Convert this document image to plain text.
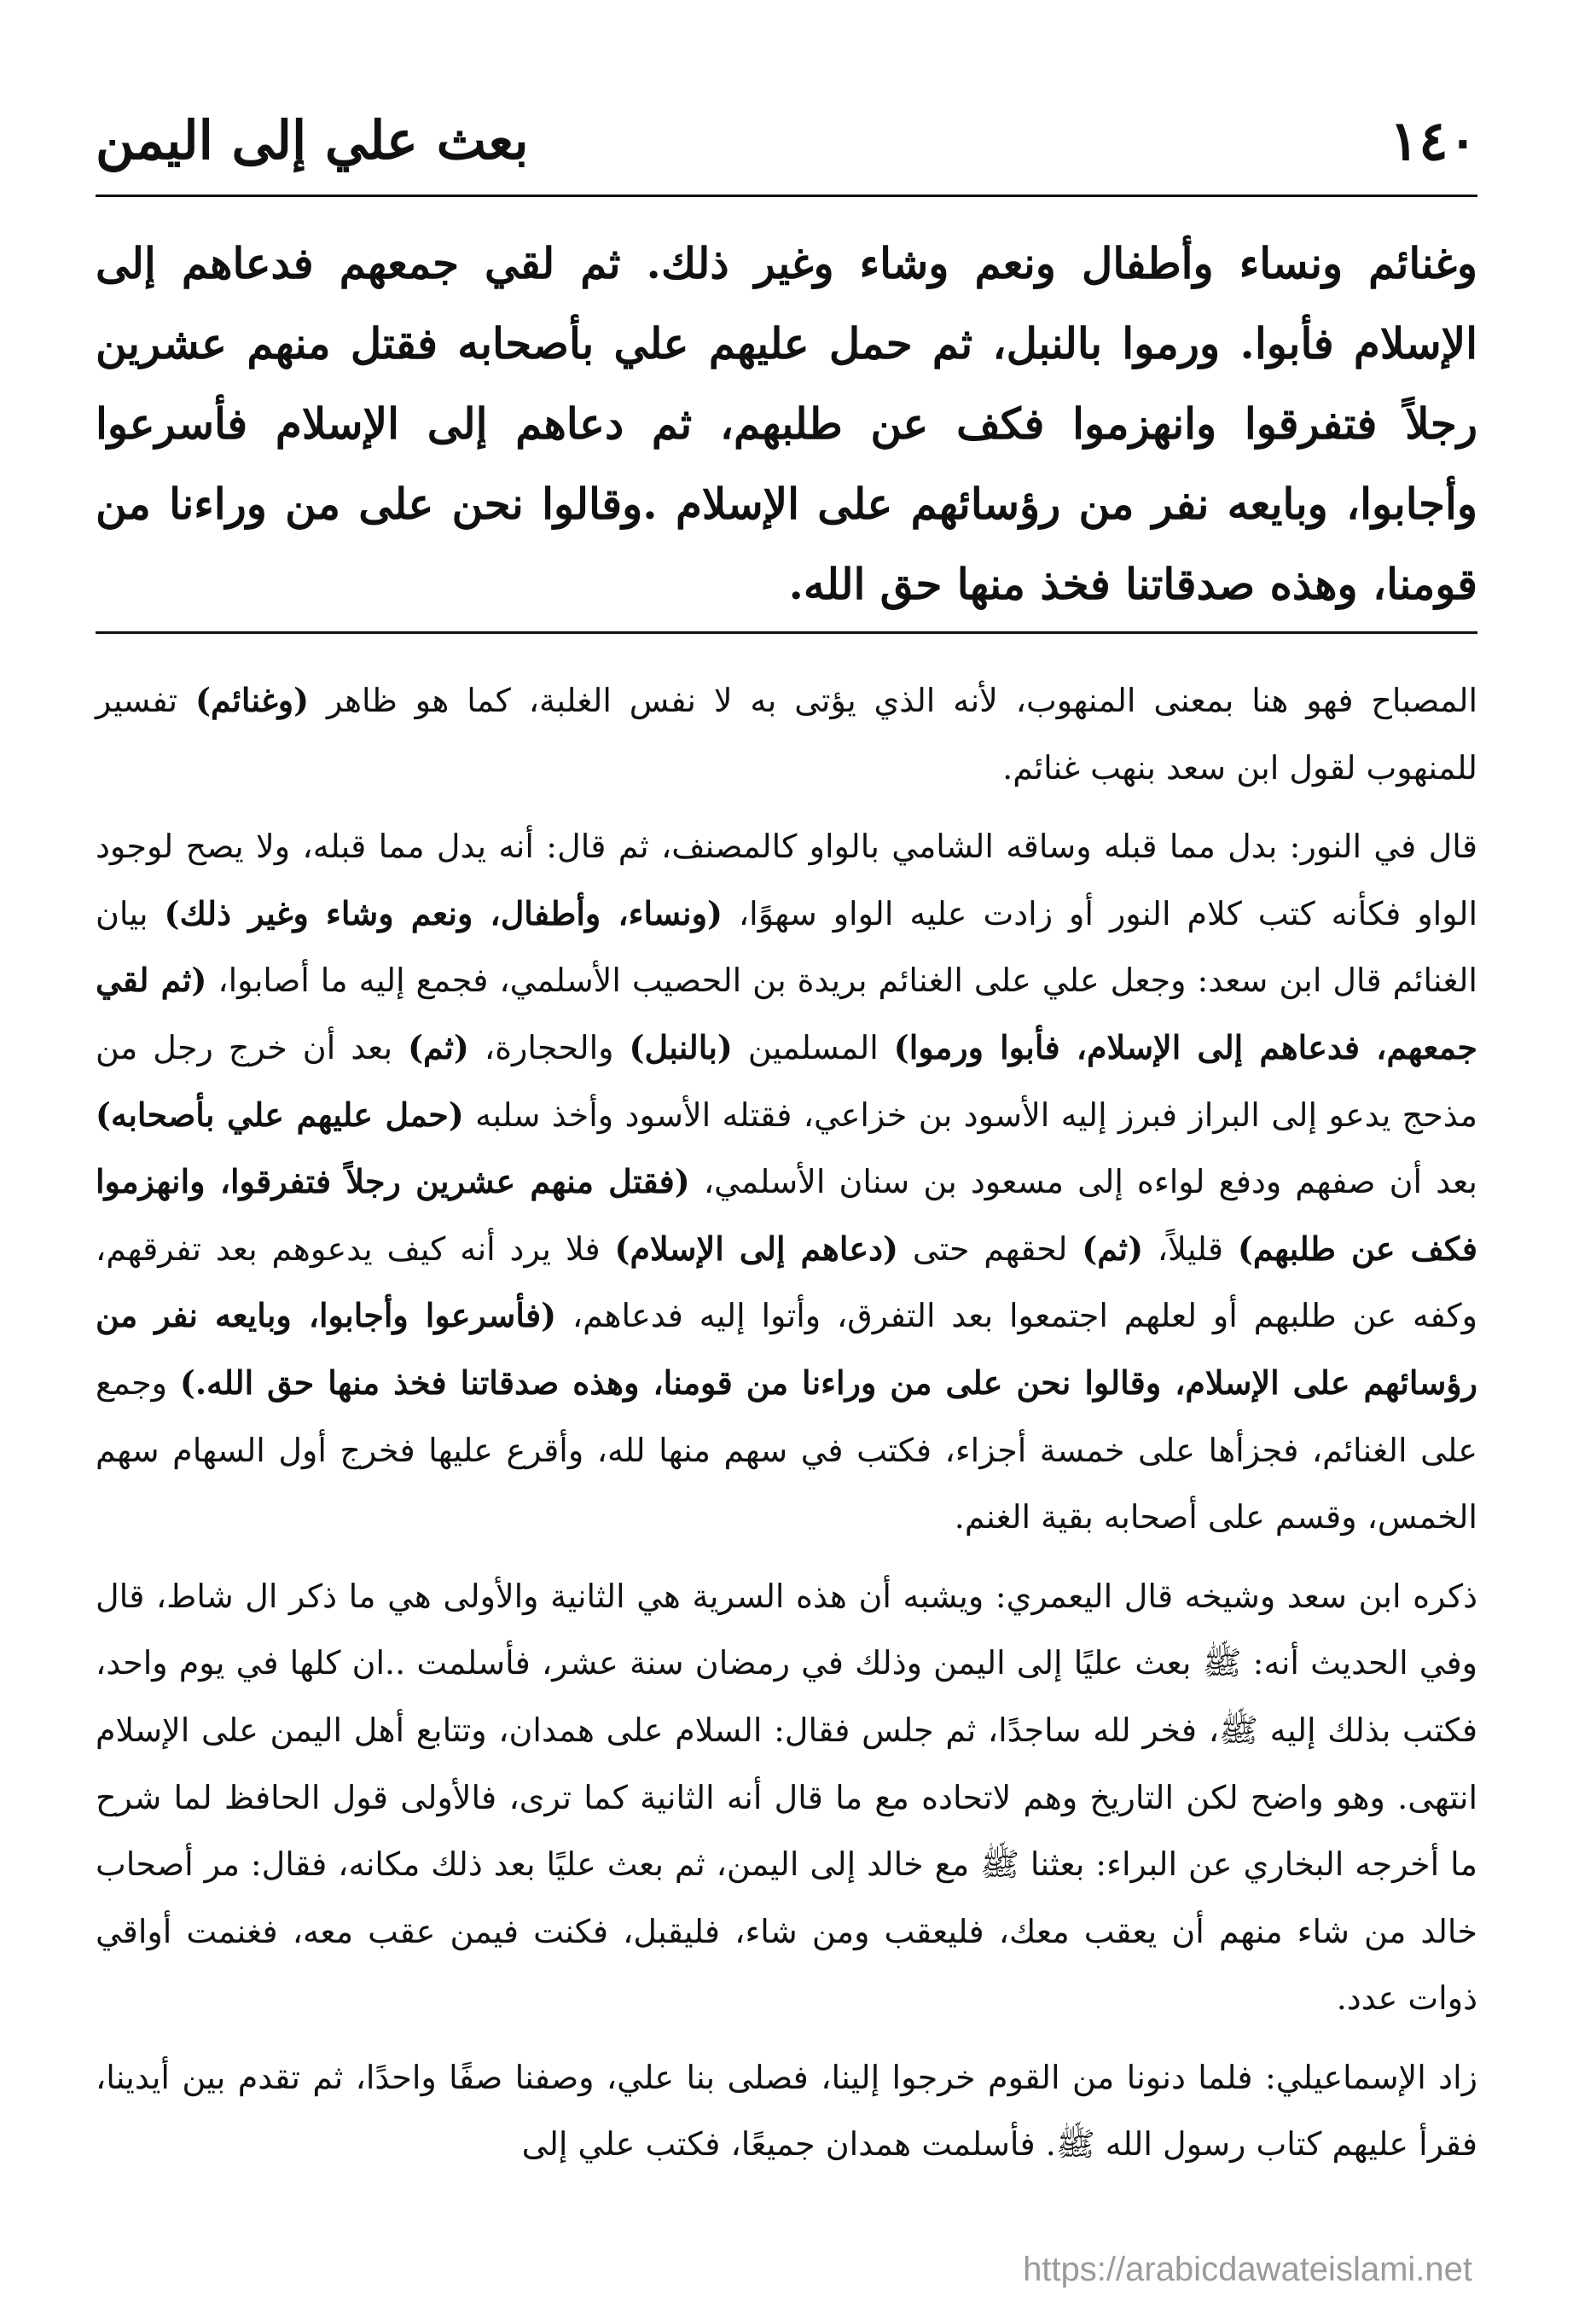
١٤٠
بعث علي إلى اليمن

وغنائم ونساء وأطفال ونعم وشاء وغير ذلك. ثم لقي جمعهم فدعاهم إلى الإسلام فأبوا. ورموا بالنبل، ثم حمل عليهم علي بأصحابه فقتل منهم عشرين رجلاً فتفرقوا وانهزموا فكف عن طلبهم، ثم دعاهم إلى الإسلام فأسرعوا وأجابوا، وبايعه نفر من رؤسائهم على الإسلام .وقالوا نحن على من وراءنا من قومنا، وهذه صدقاتنا فخذ منها حق الله.

المصباح فهو هنا بمعنى المنهوب، لأنه الذي يؤتى به لا نفس الغلبة، كما هو ظاهر (وغنائم) تفسير للمنهوب لقول ابن سعد بنهب غنائم.

قال في النور: بدل مما قبله وساقه الشامي بالواو كالمصنف، ثم قال: أنه يدل مما قبله، ولا يصح لوجود الواو فكأنه كتب كلام النور أو زادت عليه الواو سهوًا، (ونساء، وأطفال، ونعم وشاء وغير ذلك) بيان الغنائم قال ابن سعد: وجعل علي على الغنائم بريدة بن الحصيب الأسلمي، فجمع إليه ما أصابوا، (ثم لقي جمعهم، فدعاهم إلى الإسلام، فأبوا ورموا) المسلمين (بالنبل) والحجارة، (ثم) بعد أن خرج رجل من مذحج يدعو إلى البراز فبرز إليه الأسود بن خزاعي، فقتله الأسود وأخذ سلبه (حمل عليهم علي بأصحابه) بعد أن صفهم ودفع لواءه إلى مسعود بن سنان الأسلمي، (فقتل منهم عشرين رجلاً فتفرقوا، وانهزموا فكف عن طلبهم) قليلاً، (ثم) لحقهم حتى (دعاهم إلى الإسلام) فلا يرد أنه كيف يدعوهم بعد تفرقهم، وكفه عن طلبهم أو لعلهم اجتمعوا بعد التفرق، وأتوا إليه فدعاهم، (فأسرعوا وأجابوا، وبايعه نفر من رؤسائهم على الإسلام، وقالوا نحن على من وراءنا من قومنا، وهذه صدقاتنا فخذ منها حق الله.) وجمع على الغنائم، فجزأها على خمسة أجزاء، فكتب في سهم منها لله، وأقرع عليها فخرج أول السهام سهم الخمس، وقسم على أصحابه بقية الغنم.

ذكره ابن سعد وشيخه قال اليعمري: ويشبه أن هذه السرية هي الثانية والأولى هي ما ذكر ال شاط، قال وفي الحديث أنه: ﷺ بعث عليًا إلى اليمن وذلك في رمضان سنة عشر، فأسلمت ..ان كلها في يوم واحد، فكتب بذلك إليه ﷺ، فخر لله ساجدًا، ثم جلس فقال: السلام على همدان، وتتابع أهل اليمن على الإسلام انتهى. وهو واضح لكن التاريخ وهم لاتحاده مع ما قال أنه الثانية كما ترى، فالأولى قول الحافظ لما شرح ما أخرجه البخاري عن البراء: بعثنا ﷺ مع خالد إلى اليمن، ثم بعث عليًا بعد ذلك مكانه، فقال: مر أصحاب خالد من شاء منهم أن يعقب معك، فليعقب ومن شاء، فليقبل، فكنت فيمن عقب معه، فغنمت أواقي ذوات عدد.

زاد الإسماعيلي: فلما دنونا من القوم خرجوا إلينا، فصلى بنا علي، وصفنا صفًا واحدًا، ثم تقدم بين أيدينا، فقرأ عليهم كتاب رسول الله ﷺ. فأسلمت همدان جميعًا، فكتب علي إلى

https://arabicdawateislami.net
